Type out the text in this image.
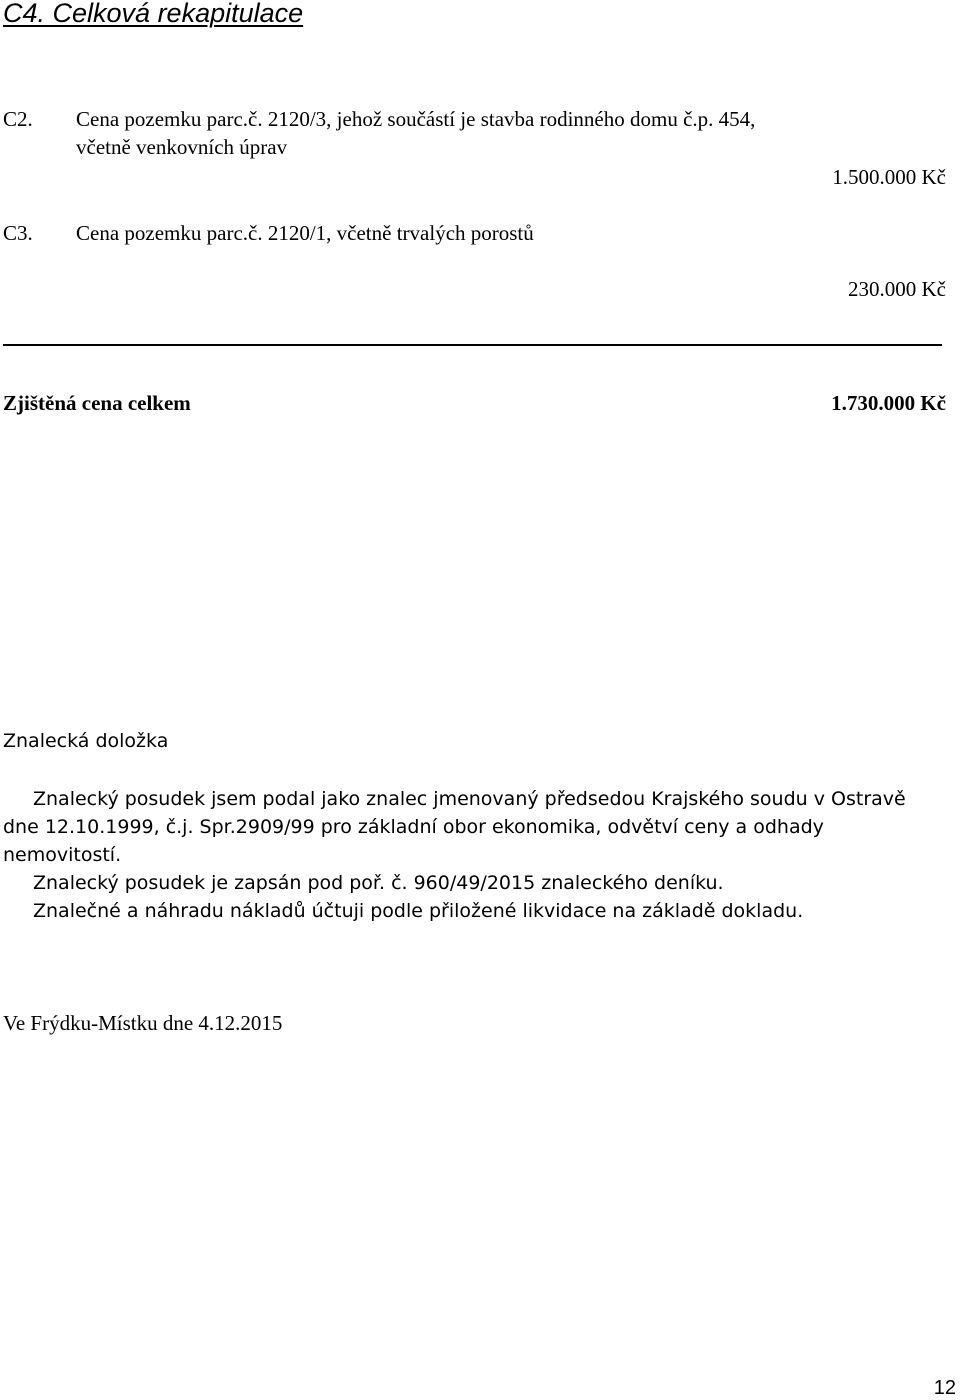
C4. Celková rekapitulace
C2. Cena pozemku parc.č. 2120/3, jehož součástí je stavba rodinného domu č.p. 454,
včetně venkovních úprav
1.500.000 Kč
C3. Cena pozemku parc.č. 2120/1, včetně trvalých porostů
230.000 Kč
Zjištěná cena celkem	1.730.000 Kč
Znalecká doložka
Znalecký posudek jsem podal jako znalec jmenovaný předsedou Krajského soudu v Ostravě
dne 12.10.1999, č.j. Spr.2909/99 pro základní obor ekonomika, odvětví ceny a odhady
nemovitostí.
Znalecký posudek je zapsán pod poř. č. 960/49/2015 znaleckého deníku.
Znalečné a náhradu nákladů účtuji podle přiložené likvidace na základě dokladu.
Ve Frýdku-Místku dne 4.12.2015
12
